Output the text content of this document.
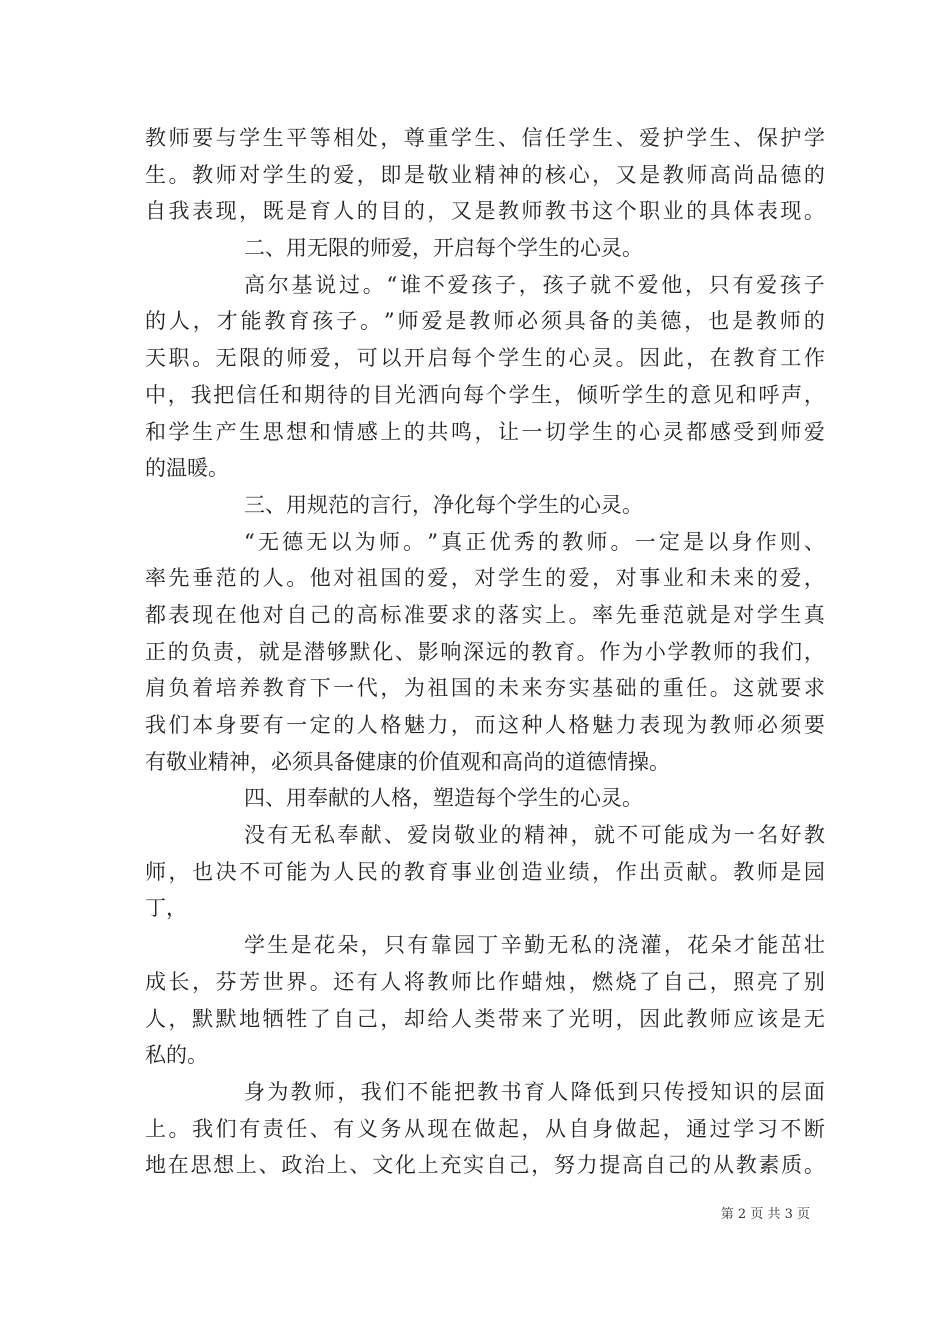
教 师 要 与 学 生 平 等 相 处 ， 尊 重 学 生 、 信 任 学 生 、 爱 护 学 生 、 保 护 学
生 。 教 师 对 学 生 的 爱 ， 即 是 敬 业 精 神 的 核 心 ， 又 是 教 师 高 尚 品 德 的
自 我 表 现 ， 既 是 育 人 的 目 的 ， 又 是 教 师 教 书 这 个 职 业 的 具 体 表 现 。
二、用无限的师爱，开启每个学生的心灵。
高 尔 基 说 过 。 “ 谁 不 爱 孩 子 ， 孩 子 就 不 爱 他 ， 只 有 爱 孩 子
的 人 ， 才 能 教 育 孩 子 。 ” 师 爱 是 教 师 必 须 具 备 的 美 德 ， 也 是 教 师 的
天 职 。 无 限 的 师 爱 ， 可 以 开 启 每 个 学 生 的 心 灵 。 因 此 ， 在 教 育 工 作
中 ， 我 把 信 任 和 期 待 的 目 光 洒 向 每 个 学 生 ， 倾 听 学 生 的 意 见 和 呼 声 ，
和 学 生 产 生 思 想 和 情 感 上 的 共 鸣 ， 让 一 切 学 生 的 心 灵 都 感 受 到 师 爱
的温暖。
三、用规范的言行，净化每个学生的心灵。
“ 无 德 无 以 为 师 。 ” 真 正 优 秀 的 教 师 。 一 定 是 以 身 作 则 、
率 先 垂 范 的 人 。 他 对 祖 国 的 爱 ， 对 学 生 的 爱 ， 对 事 业 和 未 来 的 爱 ，
都 表 现 在 他 对 自 己 的 高 标 准 要 求 的 落 实 上 。 率 先 垂 范 就 是 对 学 生 真
正 的 负 责 ， 就 是 潜 够 默 化 、 影 响 深 远 的 教 育 。 作 为 小 学 教 师 的 我 们 ，
肩 负 着 培 养 教 育 下 一 代 ， 为 祖 国 的 未 来 夯 实 基 础 的 重 任 。 这 就 要 求
我 们 本 身 要 有 一 定 的 人 格 魅 力 ， 而 这 种 人 格 魅 力 表 现 为 教 师 必 须 要
有敬业精神，必须具备健康的价值观和高尚的道德情操。
四、用奉献的人格，塑造每个学生的心灵。
没 有 无 私 奉 献 、 爱 岗 敬 业 的 精 神 ， 就 不 可 能 成 为 一 名 好 教
师 ， 也 决 不 可 能 为 人 民 的 教 育 事 业 创 造 业 绩 ， 作 出 贡 献 。 教 师 是 园
丁，
学 生 是 花 朵 ， 只 有 靠 园 丁 辛 勤 无 私 的 浇 灌 ， 花 朵 才 能 茁 壮
成 长 ， 芬 芳 世 界 。 还 有 人 将 教 师 比 作 蜡 烛 ， 燃 烧 了 自 己 ， 照 亮 了 别
人 ， 默 默 地 牺 牲 了 自 己 ， 却 给 人 类 带 来 了 光 明 ， 因 此 教 师 应 该 是 无
私的。
身 为 教 师 ， 我 们 不 能 把 教 书 育 人 降 低 到 只 传 授 知 识 的 层 面
上 。 我 们 有 责 任 、 有 义 务 从 现 在 做 起 ， 从 自 身 做 起 ， 通 过 学 习 不 断
地 在 思 想 上 、 政 治 上 、 文 化 上 充 实 自 己 ， 努 力 提 高 自 己 的 从 教 素 质 。
第 2 页 共 3 页
